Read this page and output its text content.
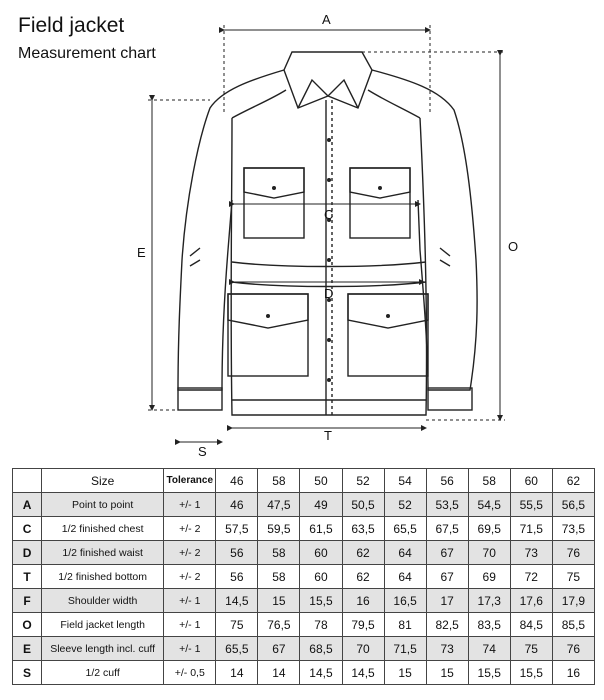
Field jacket
Measurement chart
A
E	O
C
D
T
S
	Size	Tolerance	46	58	50	52	54	56	58	60	62
A	Point to point	+/- 1	46	47,5	49	50,5	52	53,5	54,5	55,5	56,5
C	1/2 finished chest	+/- 2	57,5	59,5	61,5	63,5	65,5	67,5	69,5	71,5	73,5
D	1/2 finished waist	+/- 2	56	58	60	62	64	67	70	73	76
T	1/2 finished bottom	+/- 2	56	58	60	62	64	67	69	72	75
F	Shoulder width	+/- 1	14,5	15	15,5	16	16,5	17	17,3	17,6	17,9
O	Field jacket length	+/- 1	75	76,5	78	79,5	81	82,5	83,5	84,5	85,5
E	Sleeve length incl. cuff	+/- 1	65,5	67	68,5	70	71,5	73	74	75	76
S	1/2 cuff	+/- 0,5	14	14	14,5	14,5	15	15	15,5	15,5	16
